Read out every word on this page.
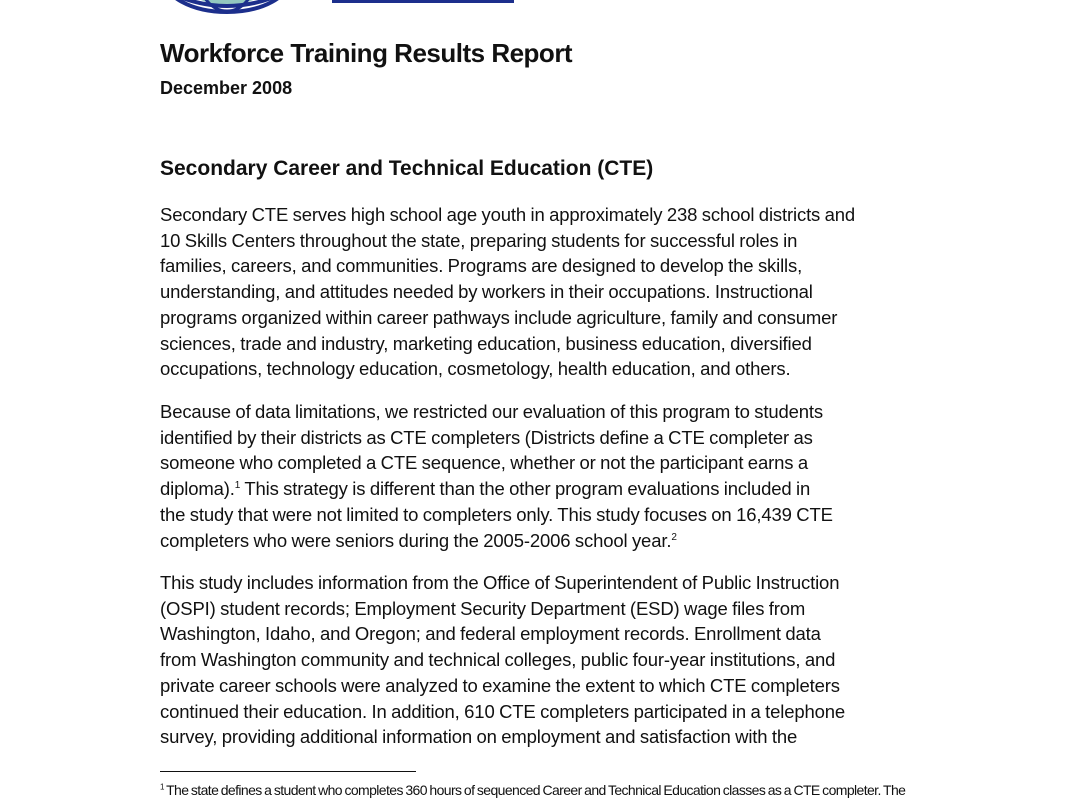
Workforce Training Results Report
December 2008
Secondary Career and Technical Education (CTE)
Secondary CTE serves high school age youth in approximately 238 school districts and
10 Skills Centers throughout the state, preparing students for successful roles in
families, careers, and communities. Programs are designed to develop the skills,
understanding, and attitudes needed by workers in their occupations. Instructional
programs organized within career pathways include agriculture, family and consumer
sciences, trade and industry, marketing education, business education, diversified
occupations, technology education, cosmetology, health education, and others.
Because of data limitations, we restricted our evaluation of this program to students
identified by their districts as CTE completers (Districts define a CTE completer as
someone who completed a CTE sequence, whether or not the participant earns a
diploma).$^1$ This strategy is different than the other program evaluations included in
the study that were not limited to completers only. This study focuses on 16,439 CTE
completers who were seniors during the 2005-2006 school year.$^2$
This study includes information from the Office of Superintendent of Public Instruction
(OSPI) student records; Employment Security Department (ESD) wage files from
Washington, Idaho, and Oregon; and federal employment records. Enrollment data
from Washington community and technical colleges, public four-year institutions, and
private career schools were analyzed to examine the extent to which CTE completers
continued their education. In addition, 610 CTE completers participated in a telephone
survey, providing additional information on employment and satisfaction with the
$^1$ The state defines a student who completes 360 hours of sequenced Career and Technical Education classes as a CTE completer. The
